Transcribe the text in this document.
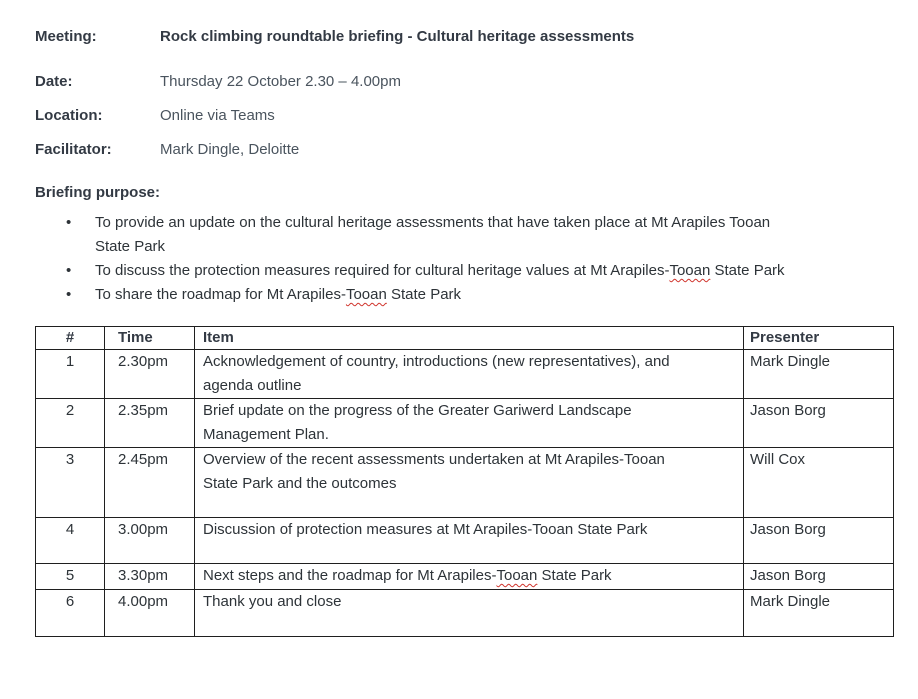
Meeting:	Rock climbing roundtable briefing - Cultural heritage assessments
Date:	Thursday 22 October 2.30 – 4.00pm
Location:	Online via Teams
Facilitator:	Mark Dingle, Deloitte
Briefing purpose:
• To provide an update on the cultural heritage assessments that have taken place at Mt Arapiles Tooan State Park
• To discuss the protection measures required for cultural heritage values at Mt Arapiles-Tooan State Park
• To share the roadmap for Mt Arapiles-Tooan State Park
#	Time	Item	Presenter
1	2.30pm	Acknowledgement of country, introductions (new representatives), and agenda outline	Mark Dingle
2	2.35pm	Brief update on the progress of the Greater Gariwerd Landscape Management Plan.	Jason Borg
3	2.45pm	Overview of the recent assessments undertaken at Mt Arapiles-Tooan State Park and the outcomes	Will Cox
4	3.00pm	Discussion of protection measures at Mt Arapiles-Tooan State Park	Jason Borg
5	3.30pm	Next steps and the roadmap for Mt Arapiles-Tooan State Park	Jason Borg
6	4.00pm	Thank you and close	Mark Dingle
